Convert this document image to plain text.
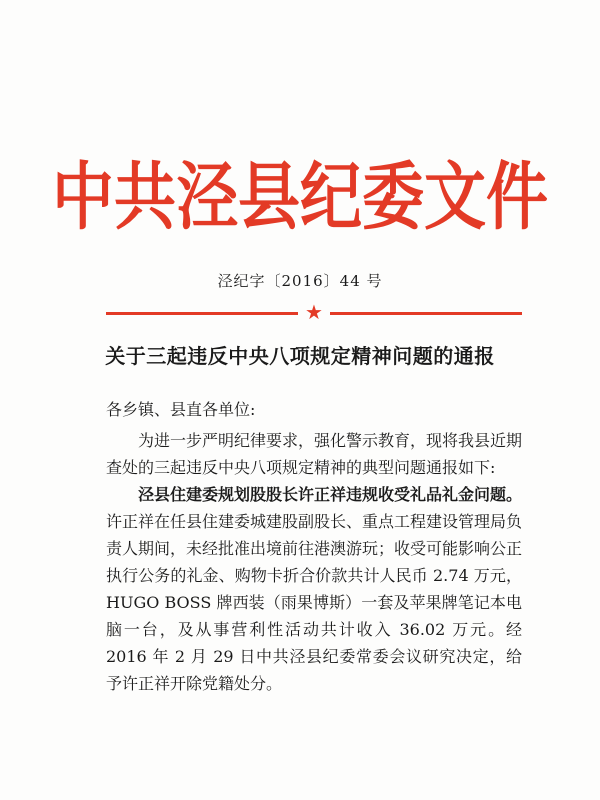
中共泾县纪委文件
泾纪字〔2016〕44 号
★
关于三起违反中央八项规定精神问题的通报

各乡镇、县直各单位:

为进一步严明纪律要求，强化警示教育，现将我县近期查处的三起违反中央八项规定精神的典型问题通报如下:

泾县住建委规划股股长许正祥违规收受礼品礼金问题。许正祥在任县住建委城建股副股长、重点工程建设管理局负责人期间，未经批准出境前往港澳游玩；收受可能影响公正执行公务的礼金、购物卡折合价款共计人民币 2.74 万元，HUGO BOSS 牌西装（雨果博斯）一套及苹果牌笔记本电脑一台，及从事营利性活动共计收入 36.02 万元。经 2016 年 2 月 29 日中共泾县纪委常委会议研究决定，给予许正祥开除党籍处分。
